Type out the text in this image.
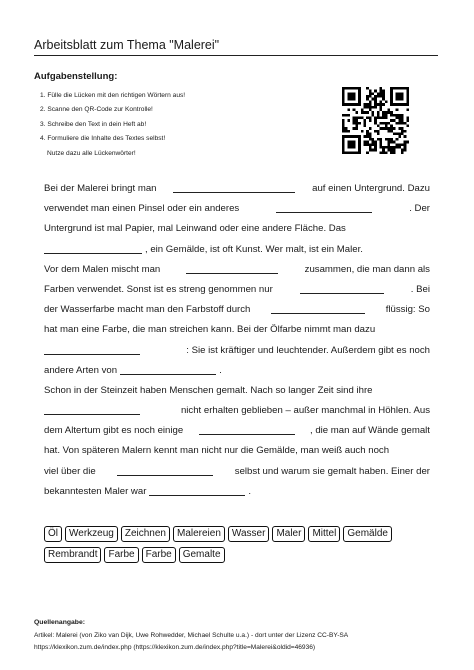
Arbeitsblatt zum Thema "Malerei"
Aufgabenstellung:
1. Fülle die Lücken mit den richtigen Wörtern aus!
2. Scanne den QR-Code zur Kontrolle!
3. Schreibe den Text in dein Heft ab!
4. Formuliere die Inhalte des Textes selbst!
Nutze dazu alle Lückenwörter!
Bei der Malerei bringt man	auf einen Untergrund. Dazu
verwendet man einen Pinsel oder ein anderes	. Der
Untergrund ist mal Papier, mal Leinwand oder eine andere Fläche. Das
, ein Gemälde, ist oft Kunst. Wer malt, ist ein Maler.
Vor dem Malen mischt man	zusammen, die man dann als
Farben verwendet. Sonst ist es streng genommen nur	. Bei
der Wasserfarbe macht man den Farbstoff durch	flüssig: So
hat man eine Farbe, die man streichen kann. Bei der Ölfarbe nimmt man dazu
: Sie ist kräftiger und leuchtender. Außerdem gibt es noch
andere Arten von	.
Schon in der Steinzeit haben Menschen gemalt. Nach so langer Zeit sind ihre
nicht erhalten geblieben – außer manchmal in Höhlen. Aus
dem Altertum gibt es noch einige	, die man auf Wände gemalt
hat. Von späteren Malern kennt man nicht nur die Gemälde, man weiß auch noch
viel über die	selbst und warum sie gemalt haben. Einer der
bekanntesten Maler war	.
Öl	Werkzeug	Zeichnen	Malereien	Wasser	Maler	Mittel	Gemälde
Rembrandt	Farbe	Farbe	Gemalte
Quellenangabe:
Artikel: Malerei (von Ziko van Dijk, Uwe Rohwedder, Michael Schulte u.a.) - dort unter der Lizenz CC-BY-SA
https://klexikon.zum.de/index.php (https://klexikon.zum.de/index.php?title=Malerei&oldid=46936)
